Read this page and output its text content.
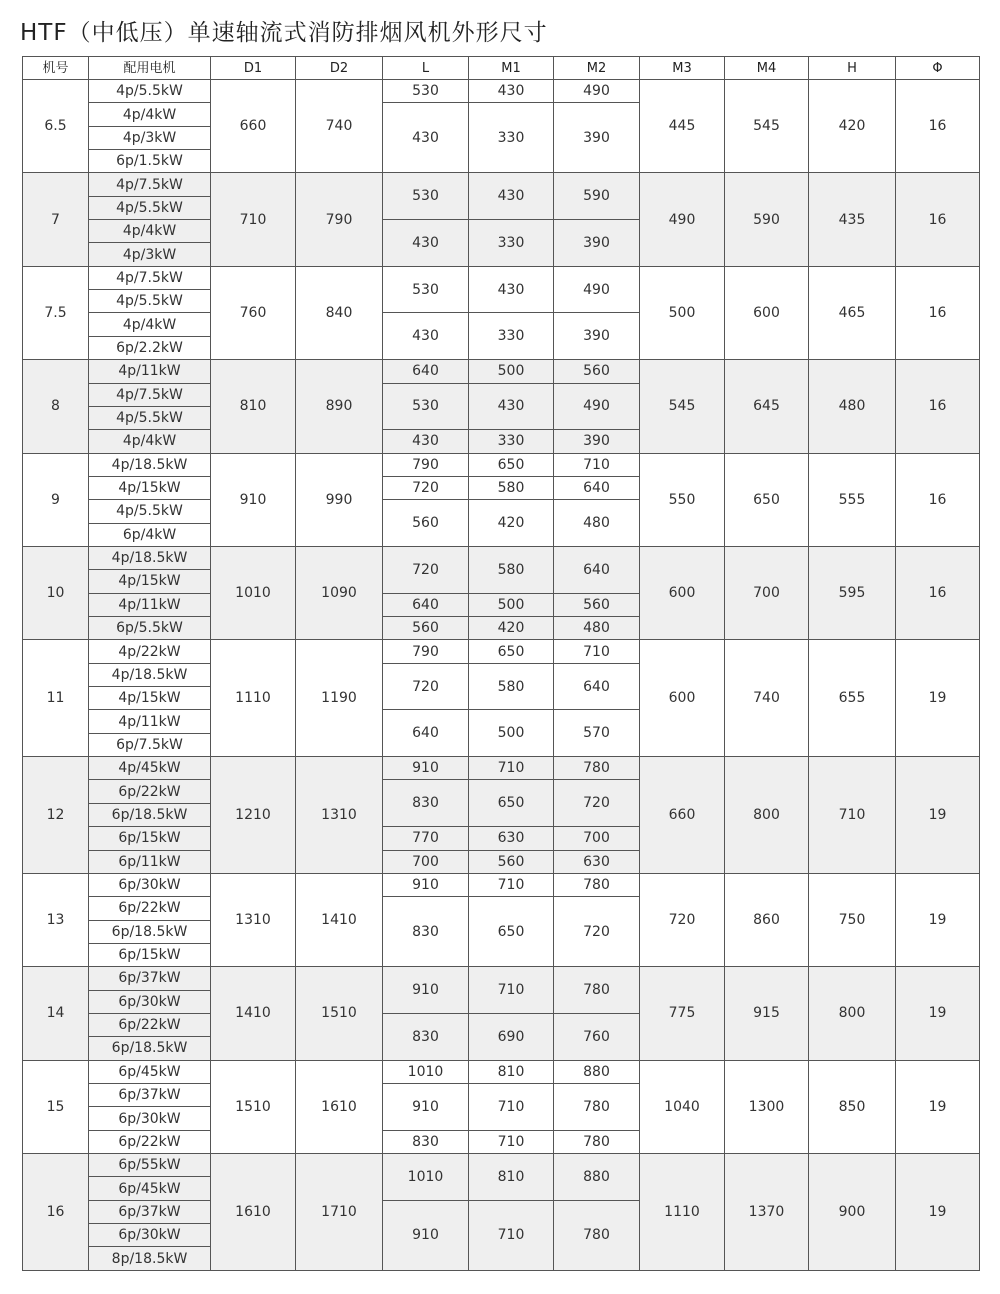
HTF（中低压）单速轴流式消防排烟风机外形尺寸
机号	配用电机	D1	D2	L	M1	M2	M3	M4	H	Φ
6.5	4p/5.5kW	660	740	530	430	490	445	545	420	16
	4p/4kW			430	330	390				
	4p/3kW									
	6p/1.5kW									
7	4p/7.5kW	710	790	530	430	590	490	590	435	16
	4p/5.5kW									
	4p/4kW			430	330	390				
	4p/3kW									
7.5	4p/7.5kW	760	840	530	430	490	500	600	465	16
	4p/5.5kW									
	4p/4kW			430	330	390				
	6p/2.2kW									
8	4p/11kW	810	890	640	500	560	545	645	480	16
	4p/7.5kW			530	430	490				
	4p/5.5kW									
	4p/4kW			430	330	390				
9	4p/18.5kW	910	990	790	650	710	550	650	555	16
	4p/15kW			720	580	640				
	4p/5.5kW			560	420	480				
	6p/4kW									
10	4p/18.5kW	1010	1090	720	580	640	600	700	595	16
	4p/15kW									
	4p/11kW			640	500	560				
	6p/5.5kW			560	420	480				
11	4p/22kW	1110	1190	790	650	710	600	740	655	19
	4p/18.5kW			720	580	640				
	4p/15kW									
	4p/11kW			640	500	570				
	6p/7.5kW									
12	4p/45kW	1210	1310	910	710	780	660	800	710	19
	6p/22kW			830	650	720				
	6p/18.5kW									
	6p/15kW			770	630	700				
	6p/11kW			700	560	630				
13	6p/30kW	1310	1410	910	710	780	720	860	750	19
	6p/22kW			830	650	720				
	6p/18.5kW									
	6p/15kW									
14	6p/37kW	1410	1510	910	710	780	775	915	800	19
	6p/30kW									
	6p/22kW			830	690	760				
	6p/18.5kW									
15	6p/45kW	1510	1610	1010	810	880	1040	1300	850	19
	6p/37kW			910	710	780				
	6p/30kW									
	6p/22kW			830	710	780				
16	6p/55kW	1610	1710	1010	810	880	1110	1370	900	19
	6p/45kW									
	6p/37kW			910	710	780				
	6p/30kW									
	8p/18.5kW									
